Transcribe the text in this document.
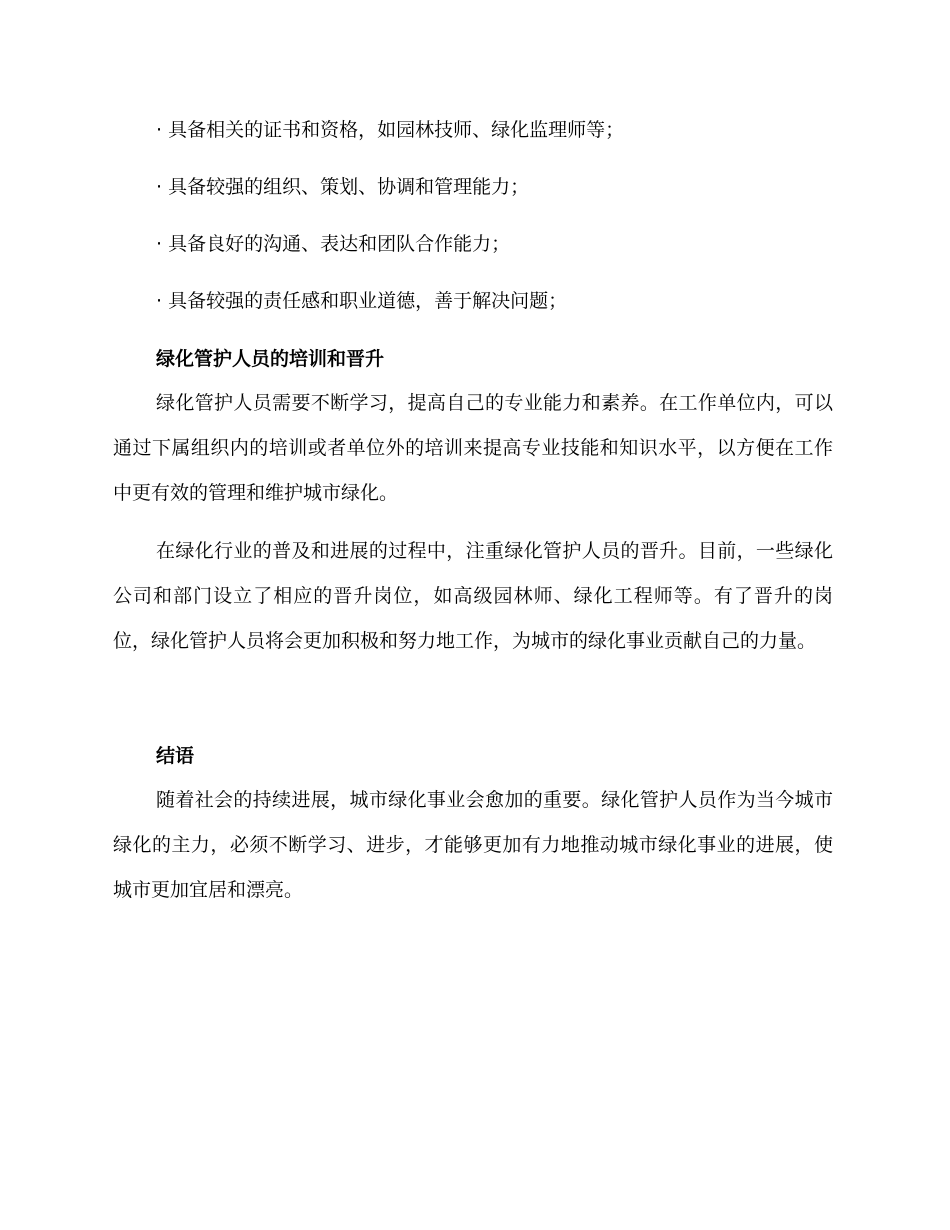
· 具备相关的证书和资格，如园林技师、绿化监理师等；
· 具备较强的组织、策划、协调和管理能力；
· 具备良好的沟通、表达和团队合作能力；
· 具备较强的责任感和职业道德，善于解决问题；
绿化管护人员的培训和晋升

绿化管护人员需要不断学习，提高自己的专业能力和素养。在工作单位内，可以通过下属组织内的培训或者单位外的培训来提高专业技能和知识水平，以方便在工作中更有效的管理和维护城市绿化。

在绿化行业的普及和进展的过程中，注重绿化管护人员的晋升。目前，一些绿化公司和部门设立了相应的晋升岗位，如高级园林师、绿化工程师等。有了晋升的岗位，绿化管护人员将会更加积极和努力地工作，为城市的绿化事业贡献自己的力量。

结语

随着社会的持续进展，城市绿化事业会愈加的重要。绿化管护人员作为当今城市绿化的主力，必须不断学习、进步，才能够更加有力地推动城市绿化事业的进展，使城市更加宜居和漂亮。
